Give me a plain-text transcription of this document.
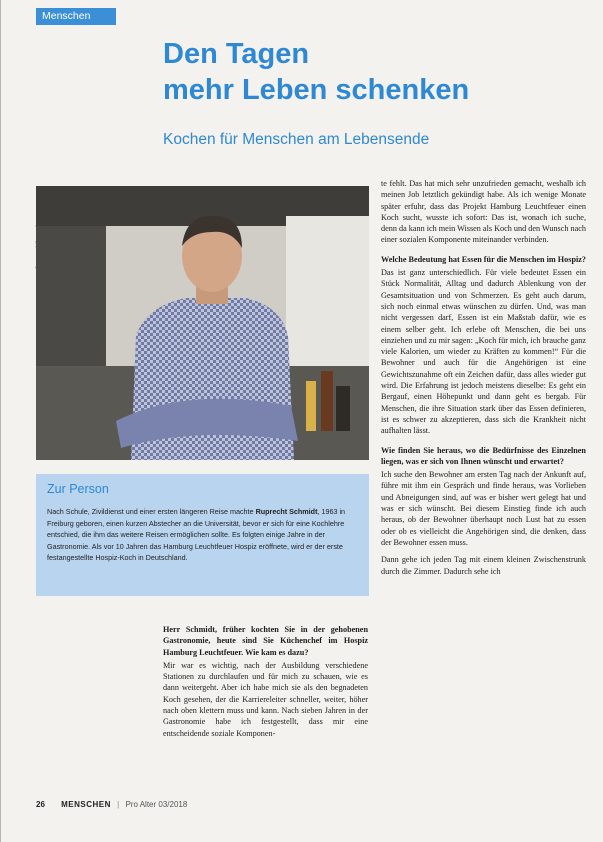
Menschen
Den Tagen
mehr Leben schenken
Kochen für Menschen am Lebensende
Zur Person
Nach Schule, Zivildienst und einer ersten längeren Reise machte Ruprecht Schmidt, 1963 in Freiburg geboren, einen kurzen Abstecher an die Universität, bevor er sich für eine Kochlehre entschied, die ihm das weitere Reisen ermöglichen sollte. Es folgten einige Jahre in der Gastronomie. Als vor 10 Jahren das Hamburg Leuchtfeuer Hospiz eröffnete, wird er der erste festangestellte Hospiz-Koch in Deutschland.

Herr Schmidt, früher kochten Sie in der gehobenen Gastronomie, heute sind Sie Küchenchef im Hospiz Hamburg Leuchtfeuer. Wie kam es dazu?

Mir war es wichtig, nach der Ausbildung verschiedene Stationen zu durchlaufen und für mich zu schauen, wie es dann weitergeht. Aber ich habe mich sie als den begnadeten Koch gesehen, der die Karriereleiter schneller, weiter, höher nach oben klettern muss und kann. Nach sieben Jahren in der Gastronomie habe ich festgestellt, dass mir eine entscheidende soziale Komponen-

te fehlt. Das hat mich sehr unzufrieden gemacht, weshalb ich meinen Job letztlich gekündigt habe. Als ich wenige Monate später erfuhr, dass das Projekt Hamburg Leuchtfeuer einen Koch sucht, wusste ich sofort: Das ist, wonach ich suche, denn da kann ich mein Wissen als Koch und den Wunsch nach einer sozialen Komponente miteinander verbinden.

Welche Bedeutung hat Essen für die Menschen im Hospiz?

Das ist ganz unterschiedlich. Für viele bedeutet Essen ein Stück Normalität, Alltag und dadurch Ablenkung von der Gesamtsituation und von Schmerzen. Es geht auch darum, sich noch einmal etwas wünschen zu dürfen. Und, was man nicht vergessen darf, Essen ist ein Maßstab dafür, wie es einem selber geht. Ich erlebe oft Menschen, die bei uns einziehen und zu mir sagen: „Koch für mich, ich brauche ganz viele Kalorien, um wieder zu Kräften zu kommen!“ Für die Bewohner und auch für die Angehörigen ist eine Gewichtszunahme oft ein Zeichen dafür, dass alles wieder gut wird. Die Erfahrung ist jedoch meistens dieselbe: Es geht ein Bergauf, einen Höhepunkt und dann geht es bergab. Für Menschen, die ihre Situation stark über das Essen definieren, ist es schwer zu akzeptieren, dass sich die Krankheit nicht aufhalten lässt.

Wie finden Sie heraus, wo die Bedürfnisse des Einzelnen liegen, was er sich von Ihnen wünscht und erwartet?

Ich suche den Bewohner am ersten Tag nach der Ankunft auf, führe mit ihm ein Gespräch und finde heraus, was Vorlieben und Abneigungen sind, auf was er bisher wert gelegt hat und was er sich wünscht. Bei diesem Einstieg finde ich auch heraus, ob der Bewohner überhaupt noch Lust hat zu essen oder ob es vielleicht die Angehörigen sind, die denken, dass der Bewohner essen muss.

Dann gehe ich jeden Tag mit einem kleinen Zwischenstrunk durch die Zimmer. Dadurch sehe ich

26 MENSCHEN | Pro Alter 03/2018
